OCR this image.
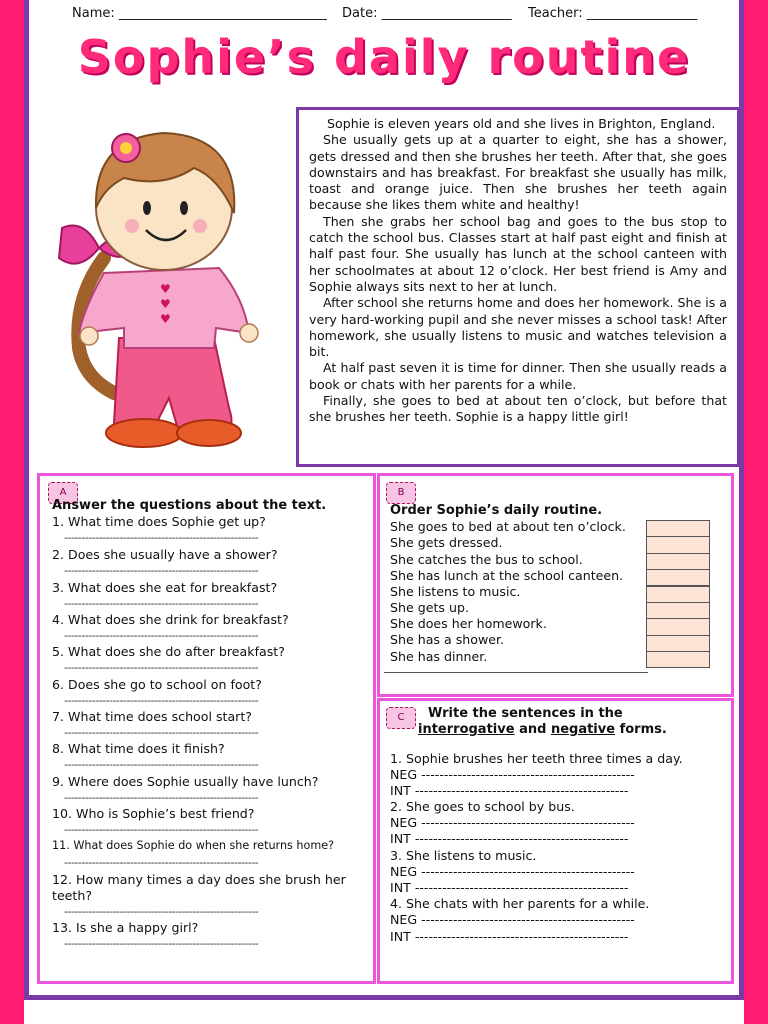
Name: ________________________________ Date: ____________________ Teacher: _________________
Sophie’s daily routine
♥
♥
♥

Sophie is eleven years old and she lives in Brighton, England.

She usually gets up at a quarter to eight, she has a shower, gets dressed and then she brushes her teeth. After that, she goes downstairs and has breakfast. For breakfast she usually has milk, toast and orange juice. Then she brushes her teeth again because she likes them white and healthy!

Then she grabs her school bag and goes to the bus stop to catch the school bus. Classes start at half past eight and finish at half past four. She usually has lunch at the school canteen with her schoolmates at about 12 o’clock. Her best friend is Amy and Sophie always sits next to her at lunch.

After school she returns home and does her homework. She is a very hard-working pupil and she never misses a school task! After homework, she usually listens to music and watches television a bit.

At half past seven it is time for dinner. Then she usually reads a book or chats with her parents for a while.

Finally, she goes to bed at about ten o’clock, but before that she brushes her teeth. Sophie is a happy little girl!

A
Answer the questions about the text.
1. What time does Sophie get up?
--------------------------------------------------------
2. Does she usually have a shower?
--------------------------------------------------------
3. What does she eat for breakfast?
--------------------------------------------------------
4. What does she drink for breakfast?
--------------------------------------------------------
5. What does she do after breakfast?
--------------------------------------------------------
6. Does she go to school on foot?
--------------------------------------------------------
7. What time does school start?
--------------------------------------------------------
8. What time does it finish?
--------------------------------------------------------
9. Where does Sophie usually have lunch?
--------------------------------------------------------
10. Who is Sophie’s best friend?
--------------------------------------------------------
11. What does Sophie do when she returns home?
--------------------------------------------------------
12. How many times a day does she brush her
teeth?
--------------------------------------------------------
13. Is she a happy girl?
--------------------------------------------------------
B
Order Sophie’s daily routine.
She goes to bed at about ten o’clock.
She gets dressed.
She catches the bus to school.
She has lunch at the school canteen.
She listens to music.
She gets up.
She does her homework.
She has a shower.
She has dinner.
C	Write the sentences in the
interrogative and negative forms.
1. Sophie brushes her teeth three times a day.
NEG -----------------------------------------------
INT -----------------------------------------------
2. She goes to school by bus.
NEG -----------------------------------------------
INT -----------------------------------------------
3. She listens to music.
NEG -----------------------------------------------
INT -----------------------------------------------
4. She chats with her parents for a while.
NEG -----------------------------------------------
INT -----------------------------------------------
